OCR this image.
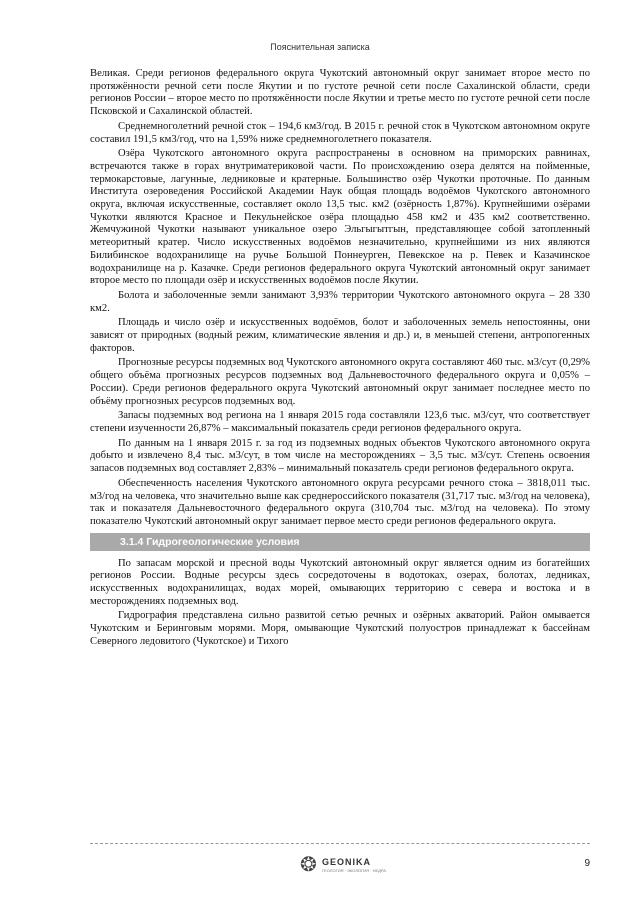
Пояснительная записка

Великая. Среди регионов федерального округа Чукотский автономный округ занимает второе место по протяжённости речной сети после Якутии и по густоте речной сети после Сахалинской области, среди регионов России – второе место по протяжённости после Якутии и третье место по густоте речной сети после Псковской и Сахалинской областей.

Среднемноголетний речной сток – 194,6 км3/год. В 2015 г. речной сток в Чукотском автономном округе составил 191,5 км3/год, что на 1,59% ниже среднемноголетнего показателя.

Озёра Чукотского автономного округа распространены в основном на приморских равнинах, встречаются также в горах внутриматериковой части. По происхождению озера делятся на пойменные, термокарстовые, лагунные, ледниковые и кратерные. Большинство озёр Чукотки проточные. По данным Института озероведения Российской Академии Наук общая площадь водоёмов Чукотского автономного округа, включая искусственные, составляет около 13,5 тыс. км2 (озёрность 1,87%). Крупнейшими озёрами Чукотки являются Красное и Пекульнейское озёра площадью 458 км2 и 435 км2 соответственно. Жемчужиной Чукотки называют уникальное озеро Эльгыгытгын, представляющее собой затопленный метеоритный кратер. Число искусственных водоёмов незначительно, крупнейшими из них являются Билибинское водохранилище на ручье Большой Поннеурген, Певекское на р. Певек и Казачинское водохранилище на р. Казачке. Среди регионов федерального округа Чукотский автономный округ занимает второе место по площади озёр и искусственных водоёмов после Якутии.

Болота и заболоченные земли занимают 3,93% территории Чукотского автономного округа – 28 330 км2.

Площадь и число озёр и искусственных водоёмов, болот и заболоченных земель непостоянны, они зависят от природных (водный режим, климатические явления и др.) и, в меньшей степени, антропогенных факторов.

Прогнозные ресурсы подземных вод Чукотского автономного округа составляют 460 тыс. м3/сут (0,29% общего объёма прогнозных ресурсов подземных вод Дальневосточного федерального округа и 0,05% – России). Среди регионов федерального округа Чукотский автономный округ занимает последнее место по объёму прогнозных ресурсов подземных вод.

Запасы подземных вод региона на 1 января 2015 года составляли 123,6 тыс. м3/сут, что соответствует степени изученности 26,87% – максимальный показатель среди регионов федерального округа.

По данным на 1 января 2015 г. за год из подземных водных объектов Чукотского автономного округа добыто и извлечено 8,4 тыс. м3/сут, в том числе на месторождениях – 3,5 тыс. м3/сут. Степень освоения запасов подземных вод составляет 2,83% – минимальный показатель среди регионов федерального округа.

Обеспеченность населения Чукотского автономного округа ресурсами речного стока – 3818,011 тыс. м3/год на человека, что значительно выше как среднероссийского показателя (31,717 тыс. м3/год на человека), так и показателя Дальневосточного федерального округа (310,704 тыс. м3/год на человека). По этому показателю Чукотский автономный округ занимает первое место среди регионов федерального округа.

3.1.4 Гидрогеологические условия

По запасам морской и пресной воды Чукотский автономный округ является одним из богатейших регионов России. Водные ресурсы здесь сосредоточены в водотоках, озерах, болотах, ледниках, искусственных водохранилищах, водах морей, омывающих территорию с севера и востока и в месторождениях подземных вод.

Гидрография представлена сильно развитой сетью речных и озёрных акваторий. Район омывается Чукотским и Беринговым морями. Моря, омывающие Чукотский полуостров принадлежат к бассейнам Северного ледовитого (Чукотское) и Тихого

❂ GEONIKA
ГЕОЛОГИЯ · ЭКОЛОГИЯ · НЕДРА
9
